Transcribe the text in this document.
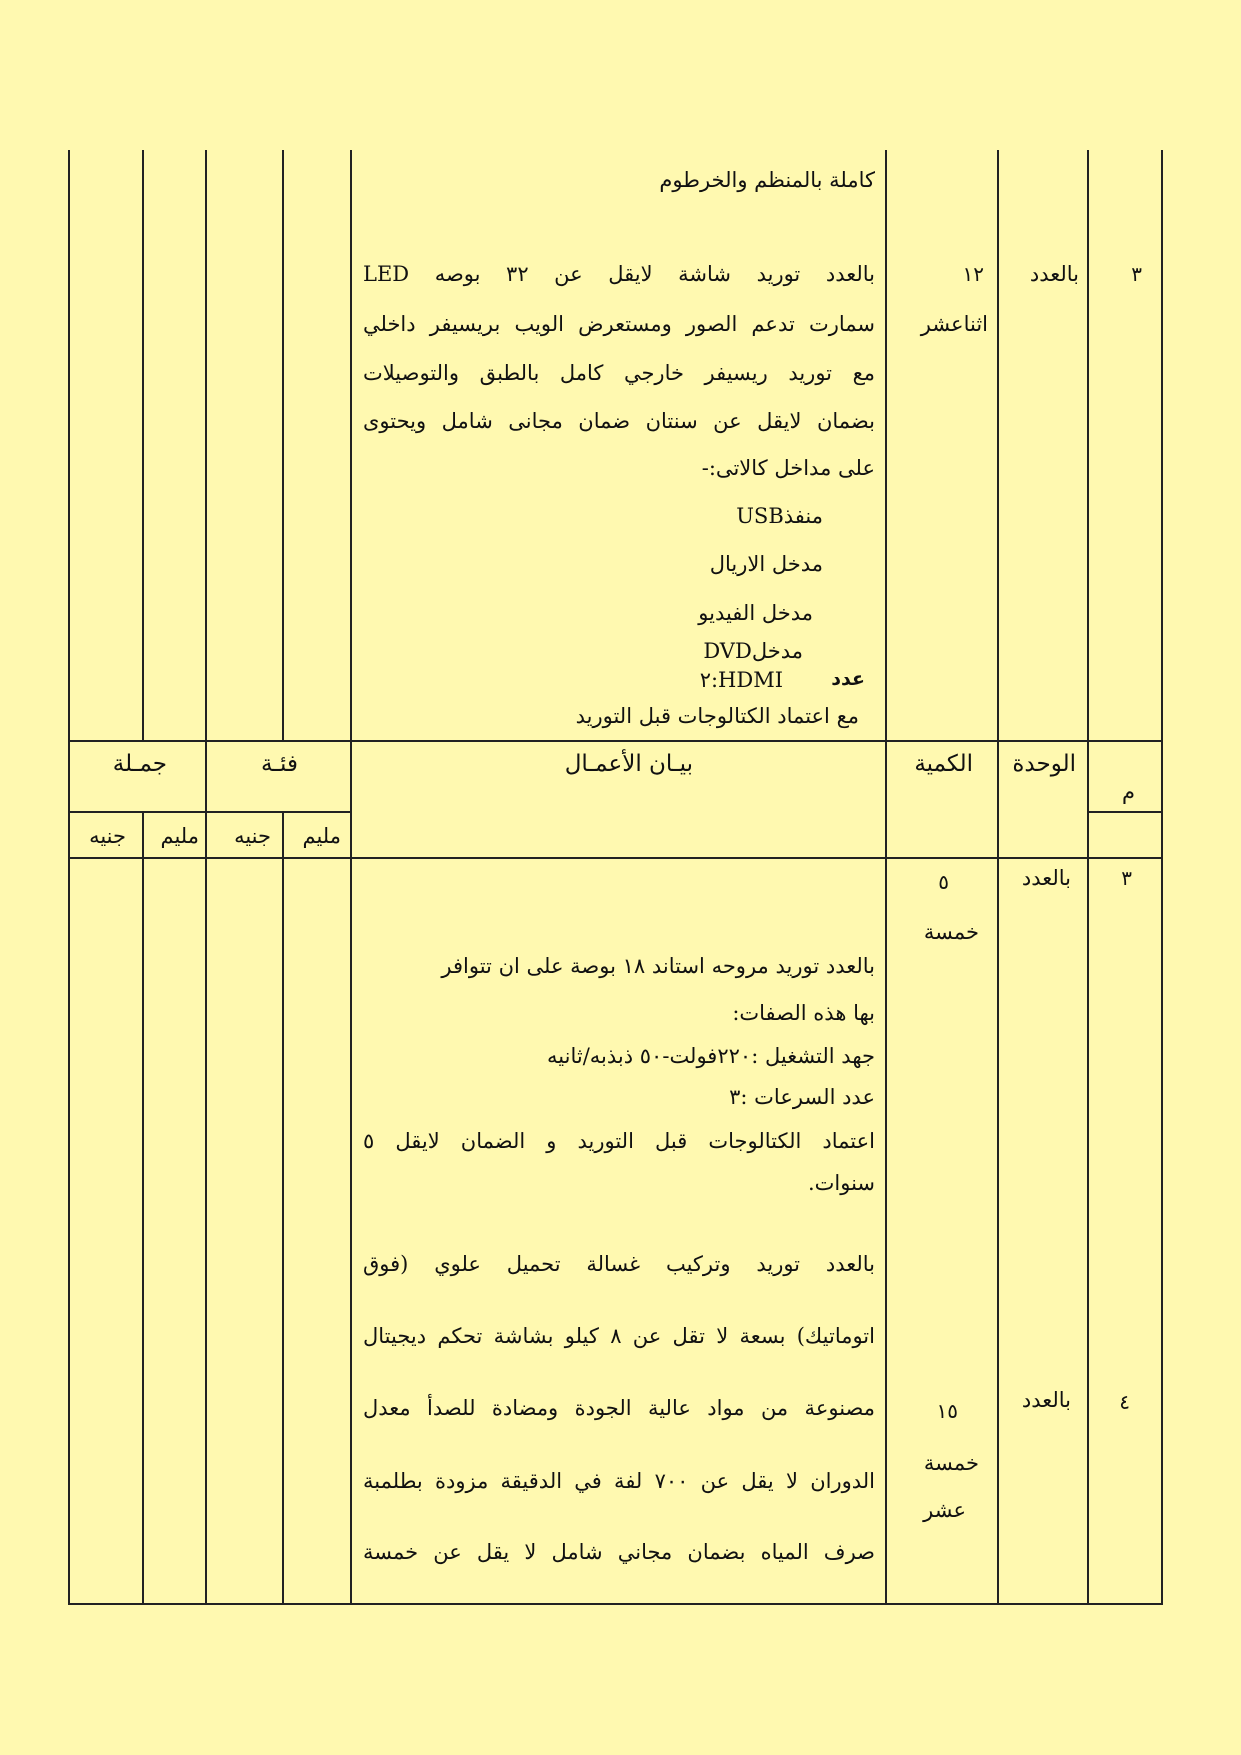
كاملة بالمنظم والخرطوم
٣
بالعدد
١٢
اثناعشر
بالعدد توريد شاشة لايقل عن ٣٢ بوصه LED
سمارت تدعم الصور ومستعرض الويب بريسيفر داخلي
مع توريد ريسيفر خارجي كامل بالطبق والتوصيلات
بضمان لايقل عن سنتان ضمان مجانى شامل ويحتوى
على مداخل كالاتى:-
منفذUSB
مدخل الاريال
مدخل الفيديو
مدخلDVD
عدد
HDMI:٢
مع اعتماد الكتالوجات قبل التوريد
م
الوحدة
الكمية
بيـان الأعمـال
فئـة
جمـلة
مليم
جنيه
مليم
جنيه
٣
بالعدد
٥
خمسة
بالعدد توريد مروحه استاند ١٨ بوصة على ان تتوافر
بها هذه الصفات:
جهد التشغيل :٢٢٠فولت-٥٠ ذبذبه/ثانيه
عدد السرعات :٣
اعتماد الكتالوجات قبل التوريد و الضمان لايقل ٥
سنوات.
٤
بالعدد
١٥
خمسة
عشر
بالعدد توريد وتركيب غسالة تحميل علوي (فوق
اتوماتيك) بسعة لا تقل عن ٨ كيلو بشاشة تحكم ديجيتال
مصنوعة من مواد عالية الجودة ومضادة للصدأ معدل
الدوران لا يقل عن ٧٠٠ لفة في الدقيقة مزودة بطلمبة
صرف المياه بضمان مجاني شامل لا يقل عن خمسة
